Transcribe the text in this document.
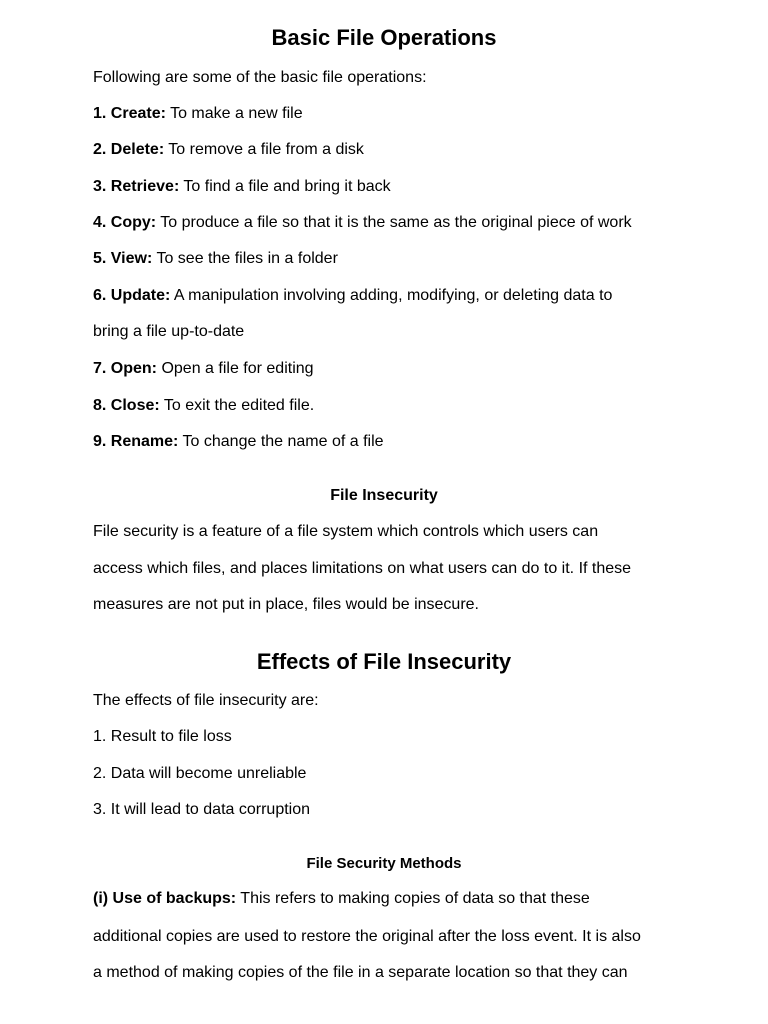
Basic File Operations

Following are some of the basic file operations:

1. Create: To make a new file

2. Delete: To remove a file from a disk

3. Retrieve: To find a file and bring it back

4. Copy: To produce a file so that it is the same as the original piece of work

5. View: To see the files in a folder

6. Update: A manipulation involving adding, modifying, or deleting data to

bring a file up-to-date

7. Open: Open a file for editing

8. Close: To exit the edited file.

9. Rename: To change the name of a file

File Insecurity

File security is a feature of a file system which controls which users can

access which files, and places limitations on what users can do to it. If these

measures are not put in place, files would be insecure.

Effects of File Insecurity

The effects of file insecurity are:

1. Result to file loss

2. Data will become unreliable

3. It will lead to data corruption

File Security Methods

(i) Use of backups: This refers to making copies of data so that these

additional copies are used to restore the original after the loss event. It is also

a method of making copies of the file in a separate location so that they can
